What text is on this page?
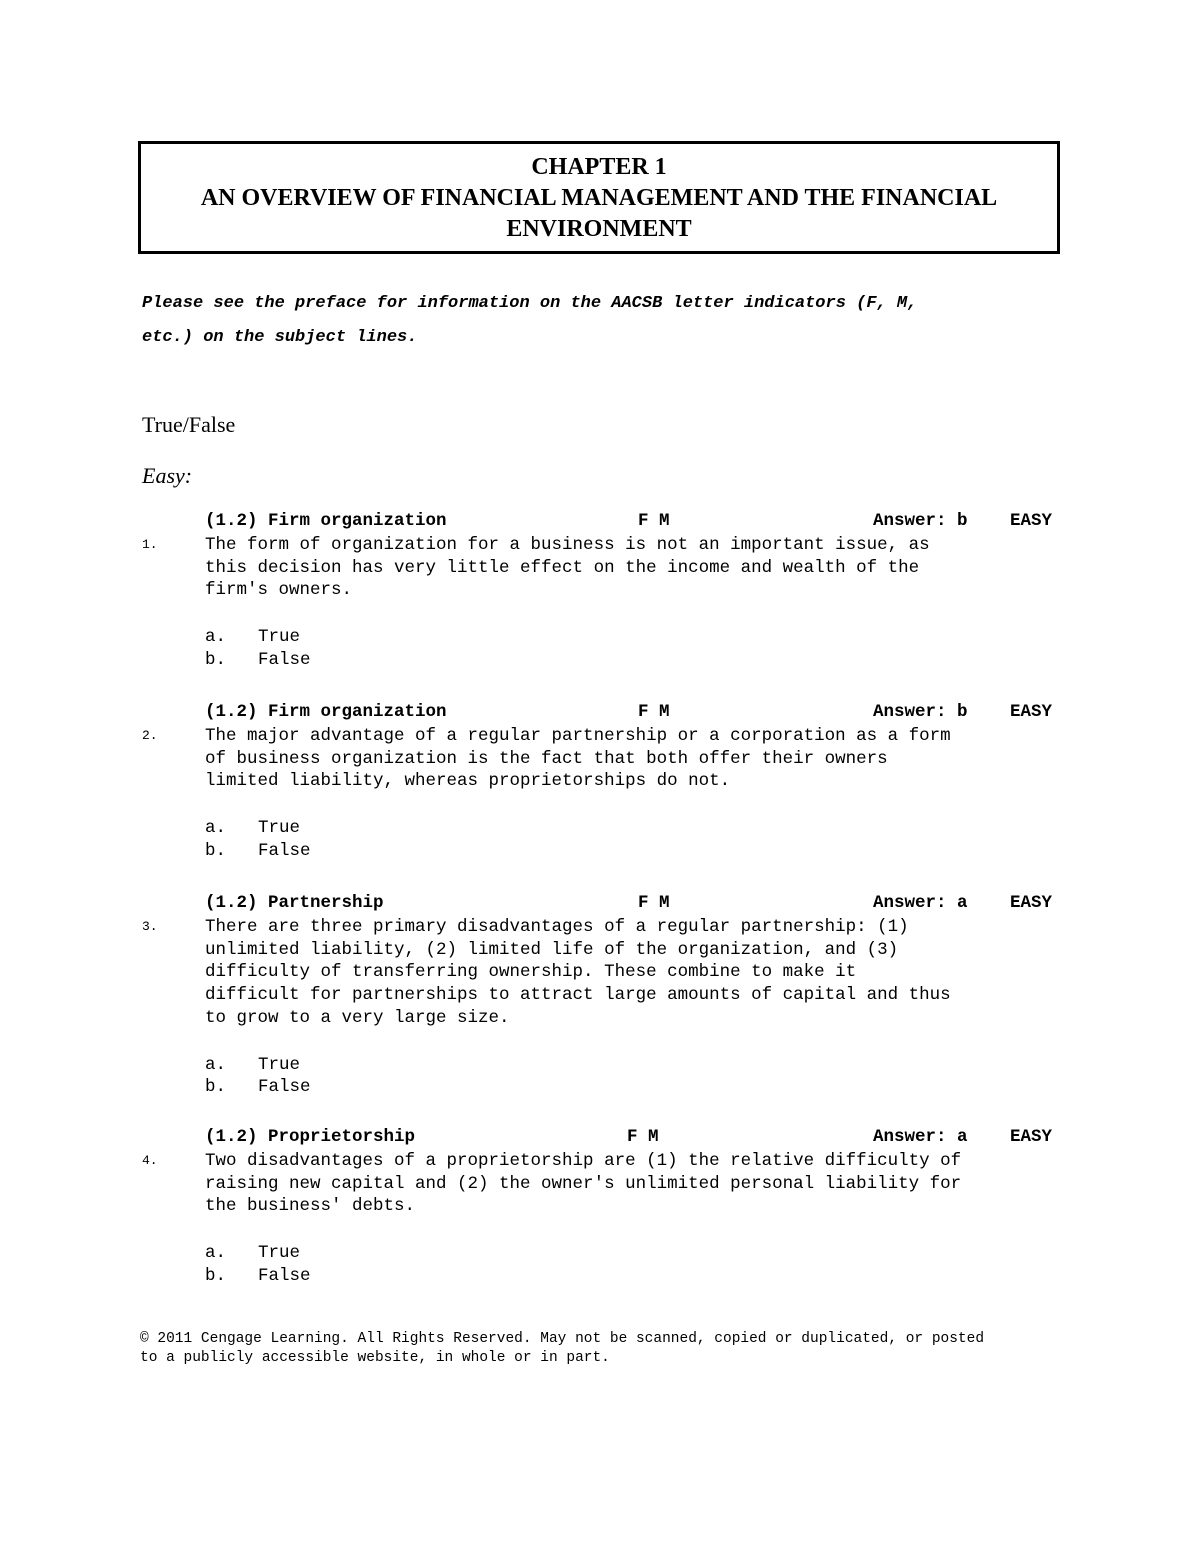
CHAPTER 1
AN OVERVIEW OF FINANCIAL MANAGEMENT AND THE FINANCIAL
ENVIRONMENT
Please see the preface for information on the AACSB letter indicators (F, M,
etc.) on the subject lines.
True/False
Easy:
(1.2) Firm organization	F M	Answer: b EASY
1.	The form of organization for a business is not an important issue, as
this decision has very little effect on the income and wealth of the
firm's owners.
a. True
b. False
(1.2) Firm organization	F M	Answer: b EASY
2.	The major advantage of a regular partnership or a corporation as a form
of business organization is the fact that both offer their owners
limited liability, whereas proprietorships do not.
a. True
b. False
(1.2) Partnership	F M	Answer: a EASY
3.	There are three primary disadvantages of a regular partnership: (1)
unlimited liability, (2) limited life of the organization, and (3)
difficulty of transferring ownership. These combine to make it
difficult for partnerships to attract large amounts of capital and thus
to grow to a very large size.
a. True
b. False
(1.2) Proprietorship	F M	Answer: a EASY
4.	Two disadvantages of a proprietorship are (1) the relative difficulty of
raising new capital and (2) the owner's unlimited personal liability for
the business' debts.
a. True
b. False
© 2011 Cengage Learning. All Rights Reserved. May not be scanned, copied or duplicated, or posted
to a publicly accessible website, in whole or in part.
